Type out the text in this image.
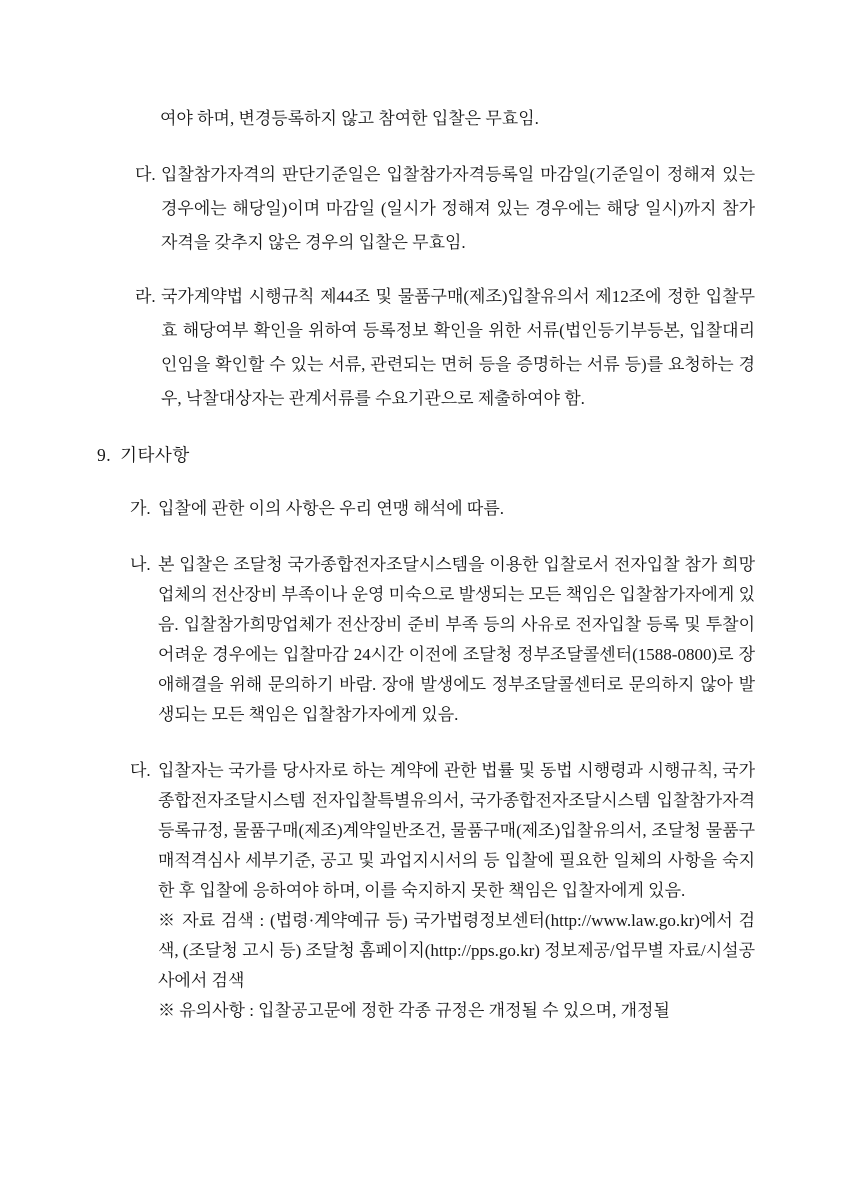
여야 하며, 변경등록하지 않고 참여한 입찰은 무효임.

다. 입찰참가자격의 판단기준일은 입찰참가자격등록일 마감일(기준일이 정해져 있는 경우에는 해당일)이며 마감일 (일시가 정해져 있는 경우에는 해당 일시)까지 참가자격을 갖추지 않은 경우의 입찰은 무효임.

라. 국가계약법 시행규칙 제44조 및 물품구매(제조)입찰유의서 제12조에 정한 입찰무효 해당여부 확인을 위하여 등록정보 확인을 위한 서류(법인등기부등본, 입찰대리인임을 확인할 수 있는 서류, 관련되는 면허 등을 증명하는 서류 등)를 요청하는 경우, 낙찰대상자는 관계서류를 수요기관으로 제출하여야 함.

9. 기타사항
가. 입찰에 관한 이의 사항은 우리 연맹 해석에 따름.

나. 본 입찰은 조달청 국가종합전자조달시스템을 이용한 입찰로서 전자입찰 참가 희망업체의 전산장비 부족이나 운영 미숙으로 발생되는 모든 책임은 입찰참가자에게 있음. 입찰참가희망업체가 전산장비 준비 부족 등의 사유로 전자입찰 등록 및 투찰이 어려운 경우에는 입찰마감 24시간 이전에 조달청 정부조달콜센터(1588-0800)로 장애해결을 위해 문의하기 바람. 장애 발생에도 정부조달콜센터로 문의하지 않아 발생되는 모든 책임은 입찰참가자에게 있음.

다. 입찰자는 국가를 당사자로 하는 계약에 관한 법률 및 동법 시행령과 시행규칙, 국가종합전자조달시스템 전자입찰특별유의서, 국가종합전자조달시스템 입찰참가자격등록규정, 물품구매(제조)계약일반조건, 물품구매(제조)입찰유의서, 조달청 물품구매적격심사 세부기준, 공고 및 과업지시서의 등 입찰에 필요한 일체의 사항을 숙지한 후 입찰에 응하여야 하며, 이를 숙지하지 못한 책임은 입찰자에게 있음.

※ 자료 검색 : (법령·계약예규 등) 국가법령정보센터(http://www.law.go.kr)에서 검색, (조달청 고시 등) 조달청 홈페이지(http://pps.go.kr) 정보제공/업무별 자료/시설공사에서 검색

※ 유의사항 : 입찰공고문에 정한 각종 규정은 개정될 수 있으며, 개정될
